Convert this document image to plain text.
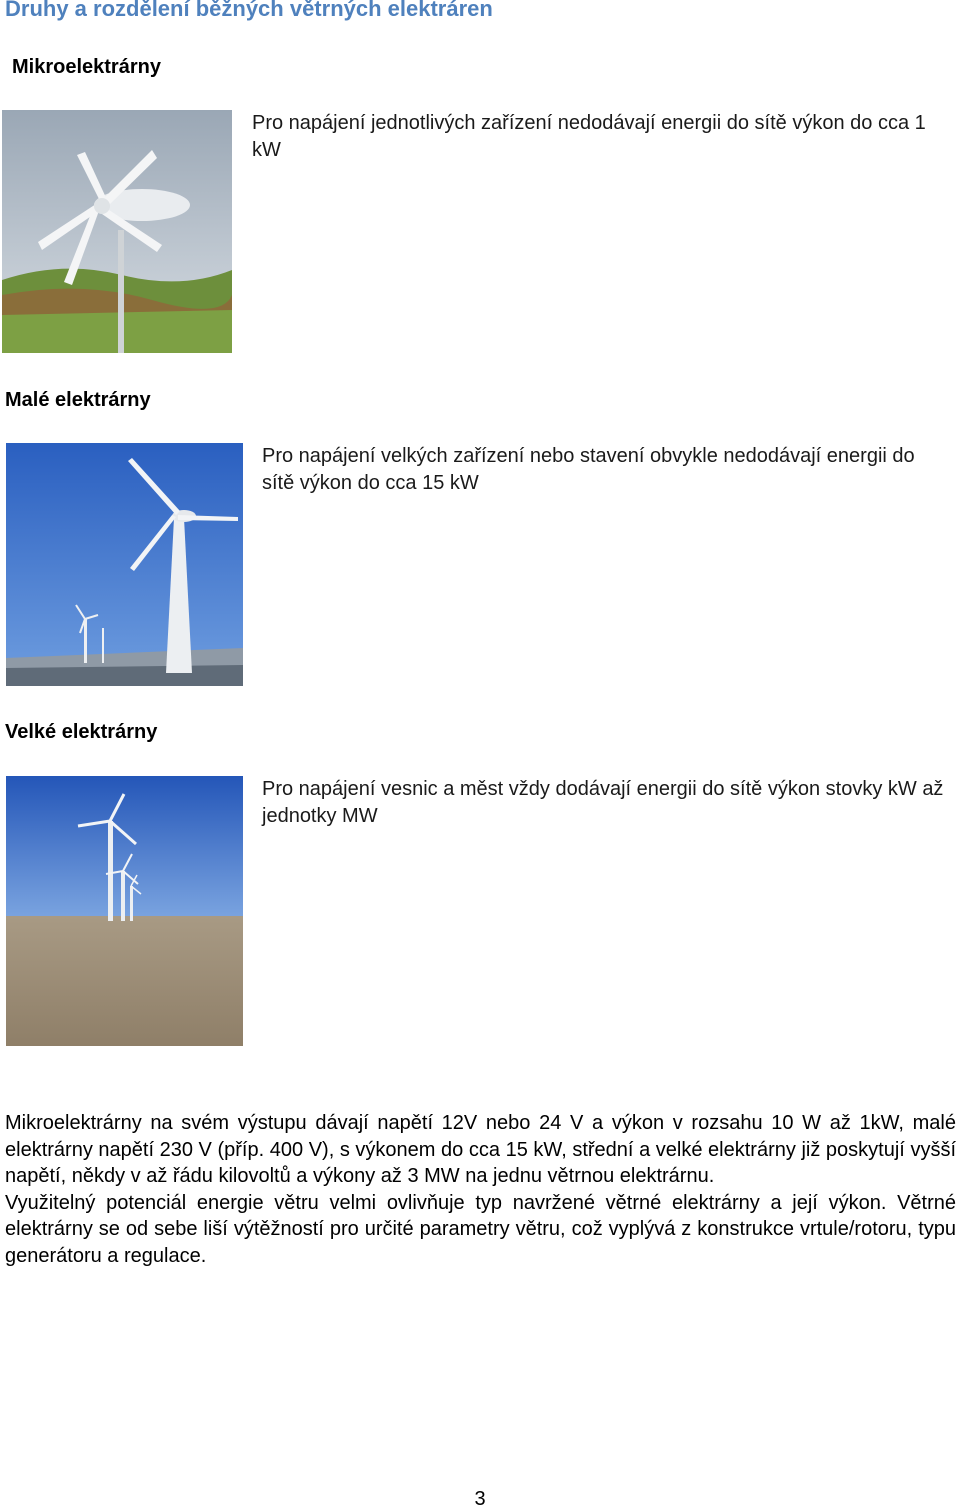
Druhy a rozdělení běžných větrných elektráren
Mikroelektrárny
Pro napájení jednotlivých zařízení nedodávají energii do sítě výkon do cca 1 kW
Malé elektrárny
Pro napájení velkých zařízení nebo stavení obvykle nedodávají energii do sítě výkon do cca 15 kW
Velké elektrárny
Pro napájení vesnic a měst vždy dodávají energii do sítě výkon stovky kW až jednotky MW

Mikroelektrárny na svém výstupu dávají napětí 12V nebo 24 V a výkon v rozsahu 10 W až 1kW, malé elektrárny napětí 230 V (příp. 400 V), s výkonem do cca 15 kW, střední a velké elektrárny již poskytují vyšší napětí, někdy v až řádu kilovoltů a výkony až 3 MW na jednu větrnou elektrárnu.

Využitelný potenciál energie větru velmi ovlivňuje typ navržené větrné elektrárny a její výkon. Větrné elektrárny se od sebe liší výtěžností pro určité parametry větru, což vyplývá z konstrukce vrtule/rotoru, typu generátoru a regulace.

3
